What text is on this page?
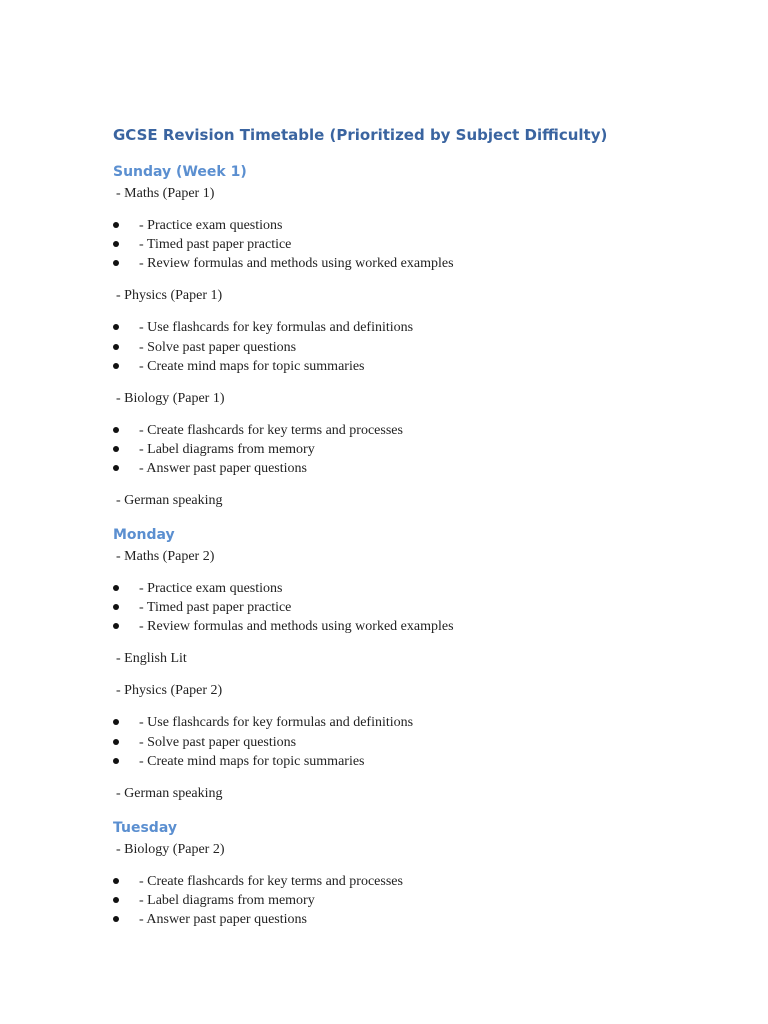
GCSE Revision Timetable (Prioritized by Subject Difficulty)
Sunday (Week 1)

- Maths (Paper 1)

- Practice exam questions
- Timed past paper practice
- Review formulas and methods using worked examples

- Physics (Paper 1)

- Use flashcards for key formulas and definitions
- Solve past paper questions
- Create mind maps for topic summaries

- Biology (Paper 1)

- Create flashcards for key terms and processes
- Label diagrams from memory
- Answer past paper questions

- German speaking

Monday

- Maths (Paper 2)

- Practice exam questions
- Timed past paper practice
- Review formulas and methods using worked examples

- English Lit

- Physics (Paper 2)

- Use flashcards for key formulas and definitions
- Solve past paper questions
- Create mind maps for topic summaries

- German speaking

Tuesday

- Biology (Paper 2)

- Create flashcards for key terms and processes
- Label diagrams from memory
- Answer past paper questions
